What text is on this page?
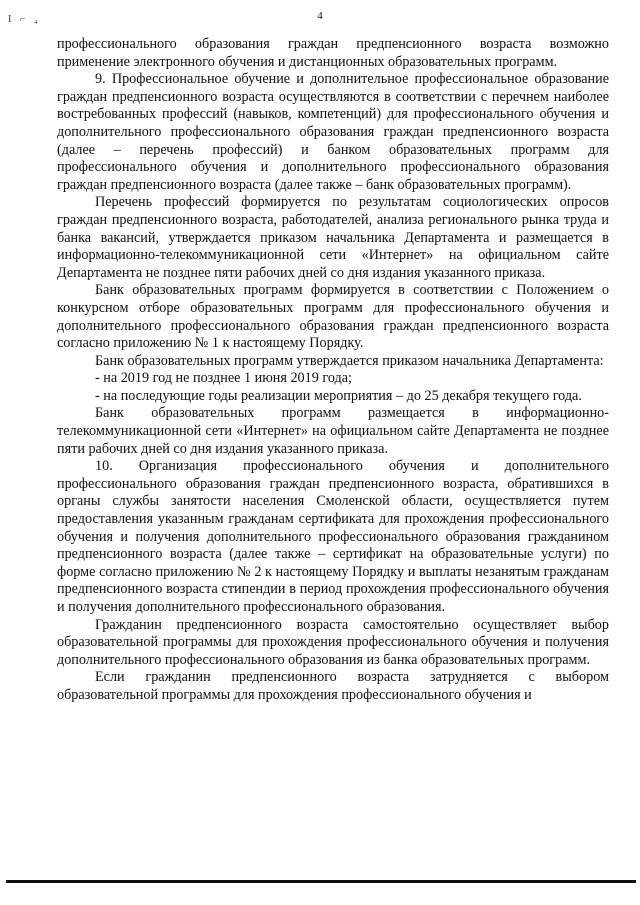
I ⌐ ₄	4

профессионального образования граждан предпенсионного возраста возможно применение электронного обучения и дистанционных образовательных программ.

9. Профессиональное обучение и дополнительное профессиональное образование граждан предпенсионного возраста осуществляются в соответствии с перечнем наиболее востребованных профессий (навыков, компетенций) для профессионального обучения и дополнительного профессионального образования граждан предпенсионного возраста (далее – перечень профессий) и банком образовательных программ для профессионального обучения и дополнительного профессионального образования граждан предпенсионного возраста (далее также – банк образовательных программ).

Перечень профессий формируется по результатам социологических опросов граждан предпенсионного возраста, работодателей, анализа регионального рынка труда и банка вакансий, утверждается приказом начальника Департамента и размещается в информационно-телекоммуникационной сети «Интернет» на официальном сайте Департамента не позднее пяти рабочих дней со дня издания указанного приказа.

Банк образовательных программ формируется в соответствии с Положением о конкурсном отборе образовательных программ для профессионального обучения и дополнительного профессионального образования граждан предпенсионного возраста согласно приложению № 1 к настоящему Порядку.

Банк образовательных программ утверждается приказом начальника Департамента:

- на 2019 год не позднее 1 июня 2019 года;

- на последующие годы реализации мероприятия – до 25 декабря текущего года.

Банк образовательных программ размещается в информационно-телекоммуникационной сети «Интернет» на официальном сайте Департамента не позднее пяти рабочих дней со дня издания указанного приказа.

10. Организация профессионального обучения и дополнительного профессионального образования граждан предпенсионного возраста, обратившихся в органы службы занятости населения Смоленской области, осуществляется путем предоставления указанным гражданам сертификата для прохождения профессионального обучения и получения дополнительного профессионального образования гражданином предпенсионного возраста (далее также – сертификат на образовательные услуги) по форме согласно приложению № 2 к настоящему Порядку и выплаты незанятым гражданам предпенсионного возраста стипендии в период прохождения профессионального обучения и получения дополнительного профессионального образования.

Гражданин предпенсионного возраста самостоятельно осуществляет выбор образовательной программы для прохождения профессионального обучения и получения дополнительного профессионального образования из банка образовательных программ.

Если гражданин предпенсионного возраста затрудняется с выбором образовательной программы для прохождения профессионального обучения и
